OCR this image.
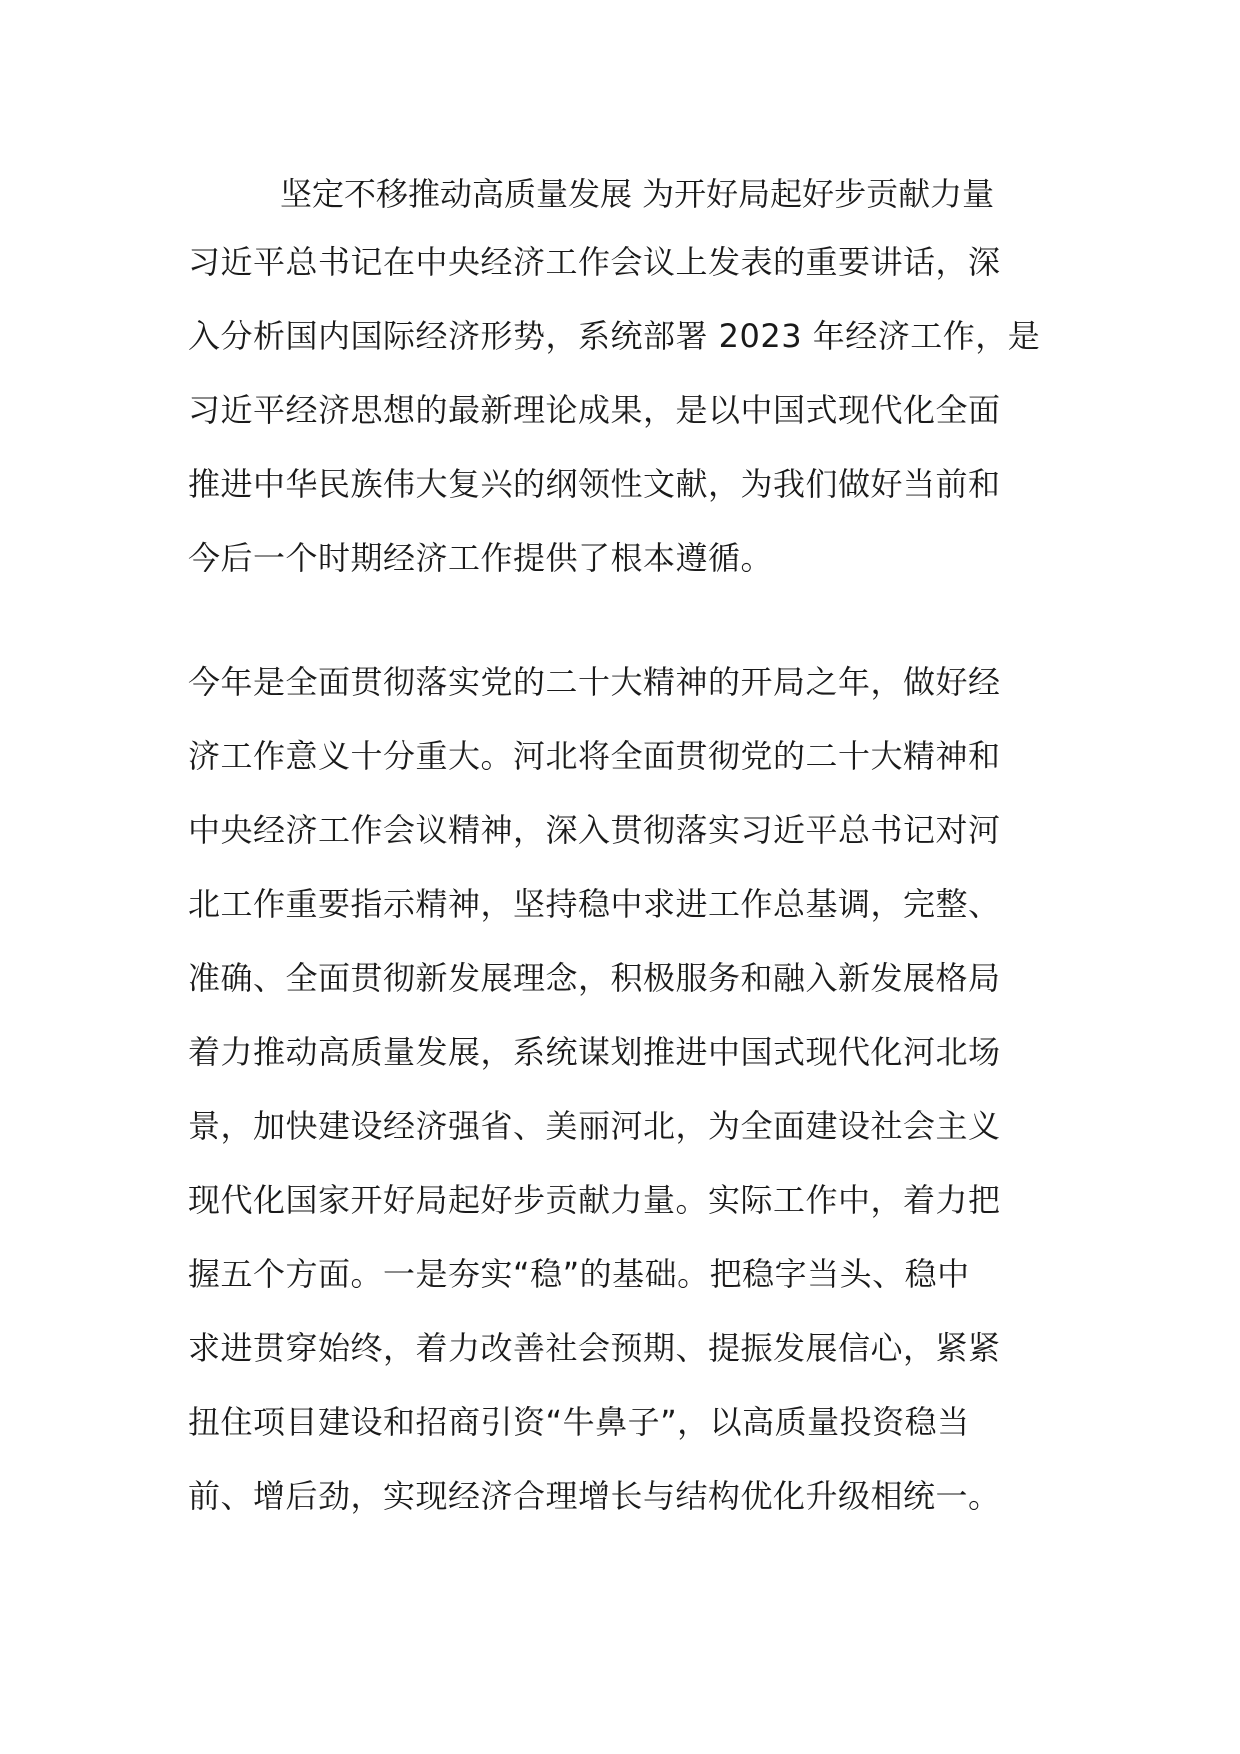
坚定不移推动高质量发展 为开好局起好步贡献力量

习近平总书记在中央经济工作会议上发表的重要讲话，深
入分析国内国际经济形势，系统部署 2023 年经济工作，是
习近平经济思想的最新理论成果，是以中国式现代化全面
推进中华民族伟大复兴的纲领性文献，为我们做好当前和
今后一个时期经济工作提供了根本遵循。

今年是全面贯彻落实党的二十大精神的开局之年，做好经
济工作意义十分重大。河北将全面贯彻党的二十大精神和
中央经济工作会议精神，深入贯彻落实习近平总书记对河
北工作重要指示精神，坚持稳中求进工作总基调，完整、
准确、全面贯彻新发展理念，积极服务和融入新发展格局
着力推动高质量发展，系统谋划推进中国式现代化河北场
景，加快建设经济强省、美丽河北，为全面建设社会主义
现代化国家开好局起好步贡献力量。实际工作中，着力把
握五个方面。一是夯实“稳”的基础。把稳字当头、稳中
求进贯穿始终，着力改善社会预期、提振发展信心，紧紧
扭住项目建设和招商引资“牛鼻子”，以高质量投资稳当
前、增后劲，实现经济合理增长与结构优化升级相统一。
